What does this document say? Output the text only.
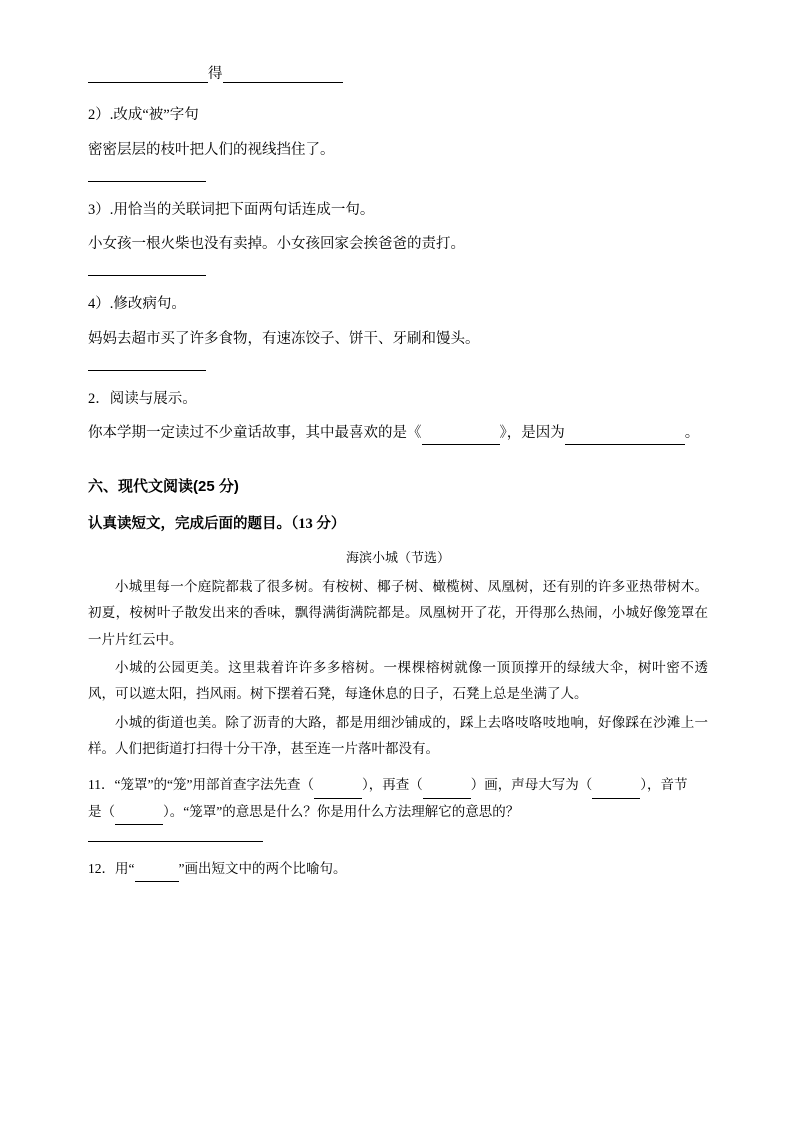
得
2）.改成“被”字句
密密层层的枝叶把人们的视线挡住了。
3）.用恰当的关联词把下面两句话连成一句。
小女孩一根火柴也没有卖掉。小女孩回家会挨爸爸的责打。
4）.修改病句。
妈妈去超市买了许多食物，有速冻饺子、饼干、牙刷和馒头。
2．阅读与展示。
你本学期一定读过不少童话故事，其中最喜欢的是《	》，是因为	。
六、现代文阅读(25 分)
认真读短文，完成后面的题目。（13 分）
海滨小城（节选）
小城里每一个庭院都栽了很多树。有桉树、椰子树、橄榄树、凤凰树，还有别的许多亚热带树木。初夏，桉树叶子散发出来的香味，飘得满街满院都是。凤凰树开了花，开得那么热闹，小城好像笼罩在一片片红云中。
小城的公园更美。这里栽着许许多多榕树。一棵棵榕树就像一顶顶撑开的绿绒大伞，树叶密不透风，可以遮太阳，挡风雨。树下摆着石凳，每逢休息的日子，石凳上总是坐满了人。
小城的街道也美。除了沥青的大路，都是用细沙铺成的，踩上去咯吱咯吱地响，好像踩在沙滩上一样。人们把街道打扫得十分干净，甚至连一片落叶都没有。
11．“笼罩”的“笼”用部首查字法先查（	），再查（	）画，声母大写为（	），音节
是（	）。“笼罩”的意思是什么？你是用什么方法理解它的意思的？
12．用“	”画出短文中的两个比喻句。
